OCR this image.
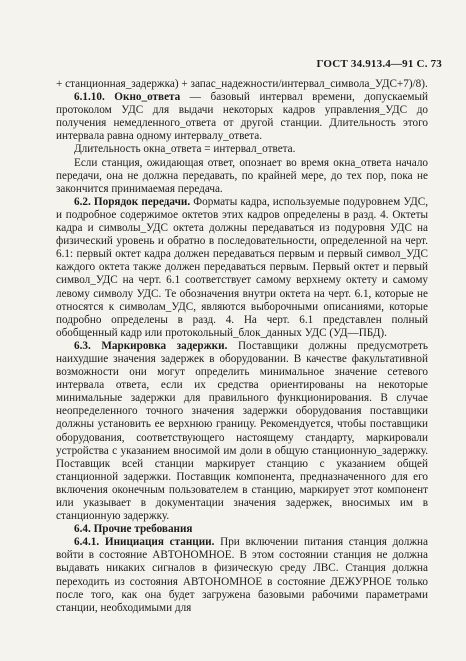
ГОСТ 34.913.4—91 С. 73

+ станционная_задержка) + запас_надежности/интервал_символа_УДС+7)/8).

6.1.10. Окно_ответа — базовый интервал времени, допускаемый протоколом УДС для выдачи некоторых кадров управления_УДС до получения немедленного_ответа от другой станции. Длительность этого интервала равна одному интервалу_ответа.

Длительность окна_ответа = интервал_ответа.

Если станция, ожидающая ответ, опознает во время окна_ответа начало передачи, она не должна передавать, по крайней мере, до тех пор, пока не закончится принимаемая передача.

6.2. Порядок передачи. Форматы кадра, используемые подуровнем УДС, и подробное содержимое октетов этих кадров определены в разд. 4. Октеты кадра и символы_УДС октета должны передаваться из подуровня УДС на физический уровень и обратно в последовательности, определенной на черт. 6.1: первый октет кадра должен передаваться первым и первый символ_УДС каждого октета также должен передаваться первым. Первый октет и первый символ_УДС на черт. 6.1 соответствует самому верхнему октету и самому левому символу УДС. Те обозначения внутри октета на черт. 6.1, которые не относятся к символам_УДС, являются выборочными описаниями, которые подробно определены в разд. 4. На черт. 6.1 представлен полный обобщенный кадр или протокольный_блок_данных УДС (УД—ПБД).

6.3. Маркировка задержки. Поставщики должны предусмотреть наихудшие значения задержек в оборудовании. В качестве факультативной возможности они могут определить минимальное значение сетевого интервала ответа, если их средства ориентированы на некоторые минимальные задержки для правильного функционирования. В случае неопределенного точного значения задержки оборудования поставщики должны установить ее верхнюю границу. Рекомендуется, чтобы поставщики оборудования, соответствующего настоящему стандарту, маркировали устройства с указанием вносимой им доли в общую станционную_задержку. Поставщик всей станции маркирует станцию с указанием общей станционной задержки. Поставщик компонента, предназначенного для его включения оконечным пользователем в станцию, маркирует этот компонент или указывает в документации значения задержек, вносимых им в станционную задержку.

6.4. Прочие требования

6.4.1. Инициация станции. При включении питания станция должна войти в состояние АВТОНОМНОЕ. В этом состоянии станция не должна выдавать никаких сигналов в физическую среду ЛВС. Станция должна переходить из состояния АВТОНОМНОЕ в состояние ДЕЖУРНОЕ только после того, как она будет загружена базовыми рабочими параметрами станции, необходимыми для
